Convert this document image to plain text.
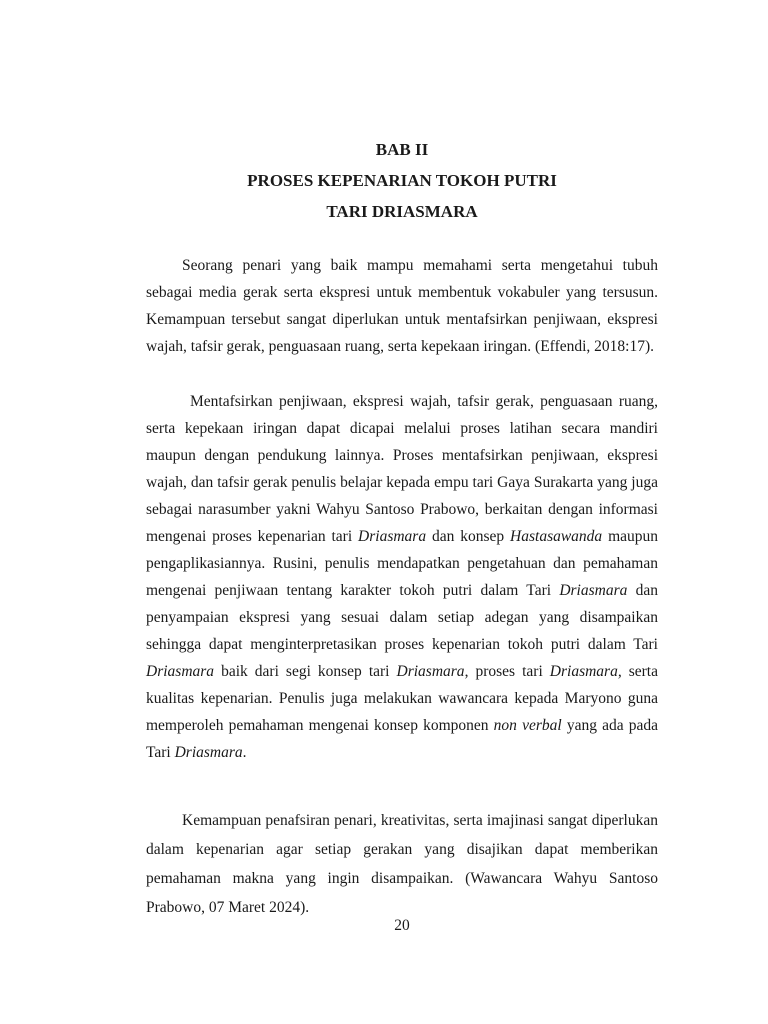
BAB II
PROSES KEPENARIAN TOKOH PUTRI
TARI DRIASMARA

Seorang penari yang baik mampu memahami serta mengetahui tubuh sebagai media gerak serta ekspresi untuk membentuk vokabuler yang tersusun. Kemampuan tersebut sangat diperlukan untuk mentafsirkan penjiwaan, ekspresi wajah, tafsir gerak, penguasaan ruang, serta kepekaan iringan. (Effendi, 2018:17).

Mentafsirkan penjiwaan, ekspresi wajah, tafsir gerak, penguasaan ruang, serta kepekaan iringan dapat dicapai melalui proses latihan secara mandiri maupun dengan pendukung lainnya. Proses mentafsirkan penjiwaan, ekspresi wajah, dan tafsir gerak penulis belajar kepada empu tari Gaya Surakarta yang juga sebagai narasumber yakni Wahyu Santoso Prabowo, berkaitan dengan informasi mengenai proses kepenarian tari Driasmara dan konsep Hastasawanda maupun pengaplikasiannya. Rusini, penulis mendapatkan pengetahuan dan pemahaman mengenai penjiwaan tentang karakter tokoh putri dalam Tari Driasmara dan penyampaian ekspresi yang sesuai dalam setiap adegan yang disampaikan sehingga dapat menginterpretasikan proses kepenarian tokoh putri dalam Tari Driasmara baik dari segi konsep tari Driasmara, proses tari Driasmara, serta kualitas kepenarian. Penulis juga melakukan wawancara kepada Maryono guna memperoleh pemahaman mengenai konsep komponen non verbal yang ada pada Tari Driasmara.

Kemampuan penafsiran penari, kreativitas, serta imajinasi sangat diperlukan dalam kepenarian agar setiap gerakan yang disajikan dapat memberikan pemahaman makna yang ingin disampaikan. (Wawancara Wahyu Santoso Prabowo, 07 Maret 2024).

20
